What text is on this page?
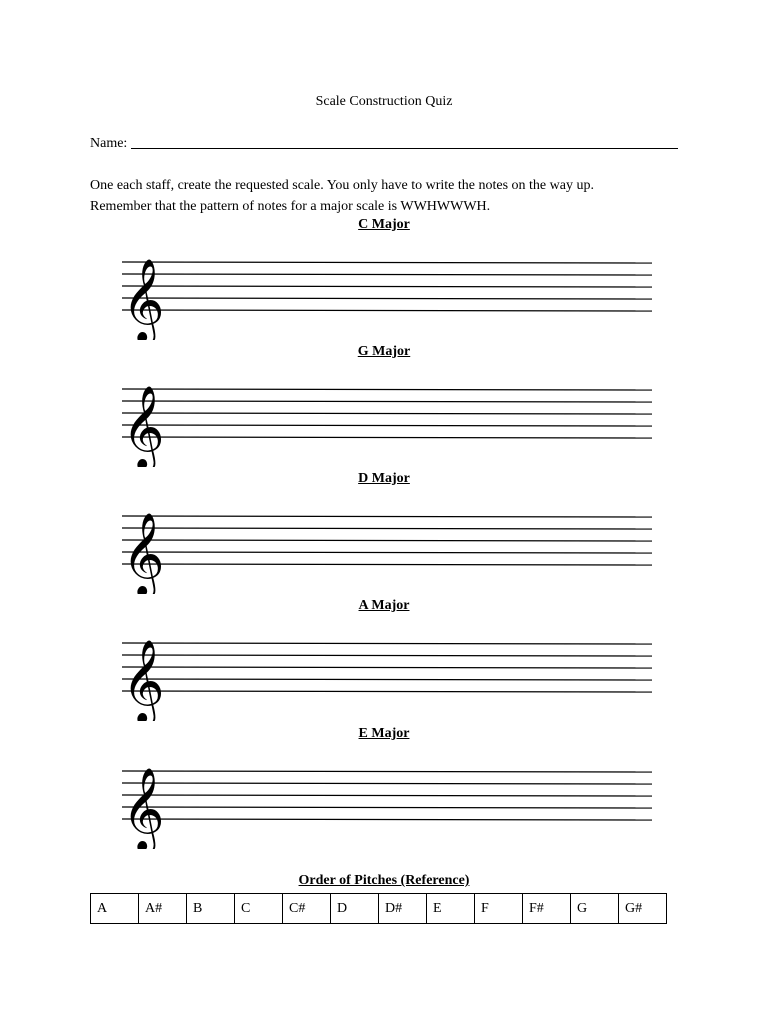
Scale Construction Quiz
Name:
One each staff, create the requested scale. You only have to write the notes on the way up.
Remember that the pattern of notes for a major scale is WWHWWWH.
C Major
𝄞
G Major
𝄞
D Major
𝄞
A Major
𝄞
E Major
𝄞
Order of Pitches (Reference)
A	A#	B	C	C#	D	D#	E	F	F#	G	G#
